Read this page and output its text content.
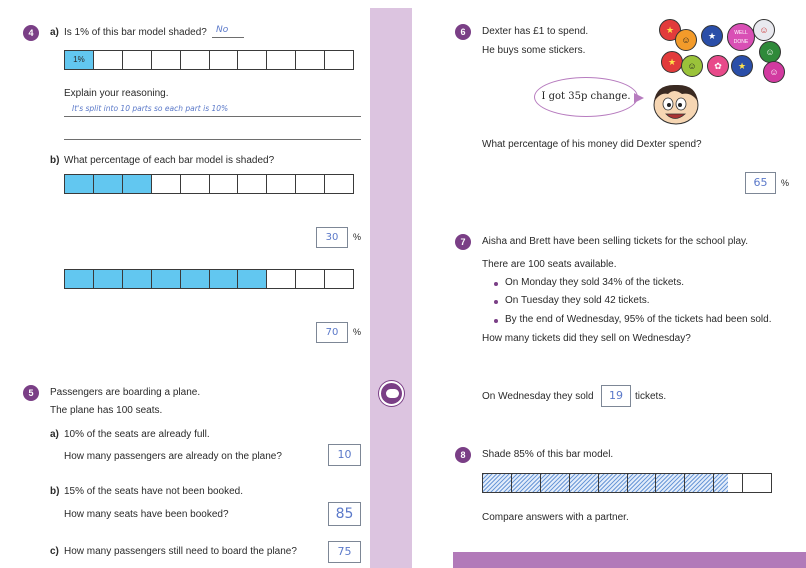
4	a) Is 1% of this bar model shaded? No
1%
Explain your reasoning.
It's split into 10 parts so each part is 10%
b) What percentage of each bar model is shaded?
30	%
70	%
5	Passengers are boarding a plane.
The plane has 100 seats.
a) 10% of the seats are already full.
How many passengers are already on the plane?	10
b) 15% of the seats have not been booked.
How many seats have been booked?	85
c) How many passengers still need to board the plane?	75
6	Dexter has £1 to spend.
He buys some stickers.
★
☺	★	WELL DONE
☺
★	☺	✿	★
☺
☺
I got 35p change.
What percentage of his money did Dexter spend?
65	%
7	Aisha and Brett have been selling tickets for the school play.
There are 100 seats available.
On Monday they sold 34% of the tickets.
On Tuesday they sold 42 tickets.
By the end of Wednesday, 95% of the tickets had been sold.
How many tickets did they sell on Wednesday?
On Wednesday they sold	19	tickets.
8	Shade 85% of this bar model.
Compare answers with a partner.
